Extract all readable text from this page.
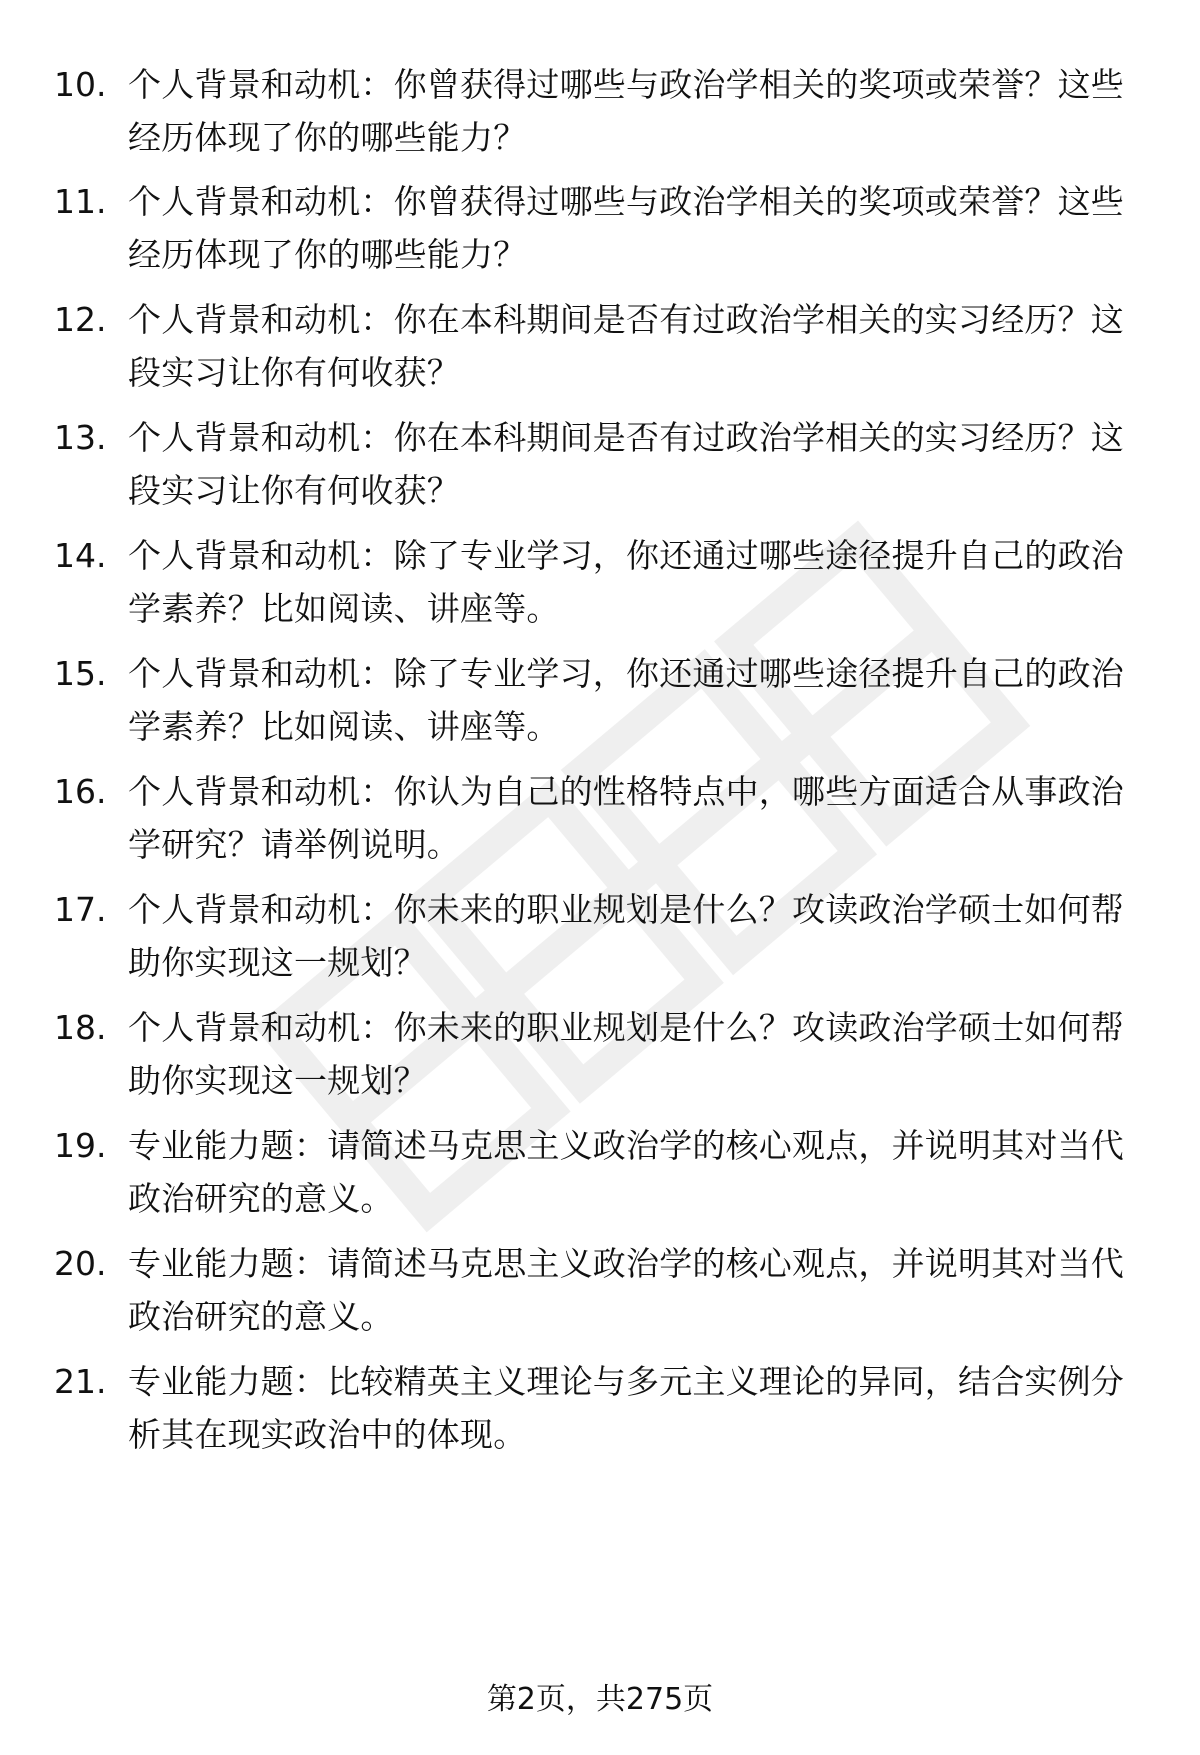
10. 个人背景和动机：你曾获得过哪些与政治学相关的奖项或荣誉？这些经历体现了你的哪些能力？
11. 个人背景和动机：你曾获得过哪些与政治学相关的奖项或荣誉？这些经历体现了你的哪些能力？
12. 个人背景和动机：你在本科期间是否有过政治学相关的实习经历？这段实习让你有何收获？
13. 个人背景和动机：你在本科期间是否有过政治学相关的实习经历？这段实习让你有何收获？
14. 个人背景和动机：除了专业学习，你还通过哪些途径提升自己的政治学素养？比如阅读、讲座等。
15. 个人背景和动机：除了专业学习，你还通过哪些途径提升自己的政治学素养？比如阅读、讲座等。
16. 个人背景和动机：你认为自己的性格特点中，哪些方面适合从事政治学研究？请举例说明。
17. 个人背景和动机：你未来的职业规划是什么？攻读政治学硕士如何帮助你实现这一规划？
18. 个人背景和动机：你未来的职业规划是什么？攻读政治学硕士如何帮助你实现这一规划？
19. 专业能力题：请简述马克思主义政治学的核心观点，并说明其对当代政治研究的意义。
20. 专业能力题：请简述马克思主义政治学的核心观点，并说明其对当代政治研究的意义。
21. 专业能力题：比较精英主义理论与多元主义理论的异同，结合实例分析其在现实政治中的体现。
第2页，共275页
